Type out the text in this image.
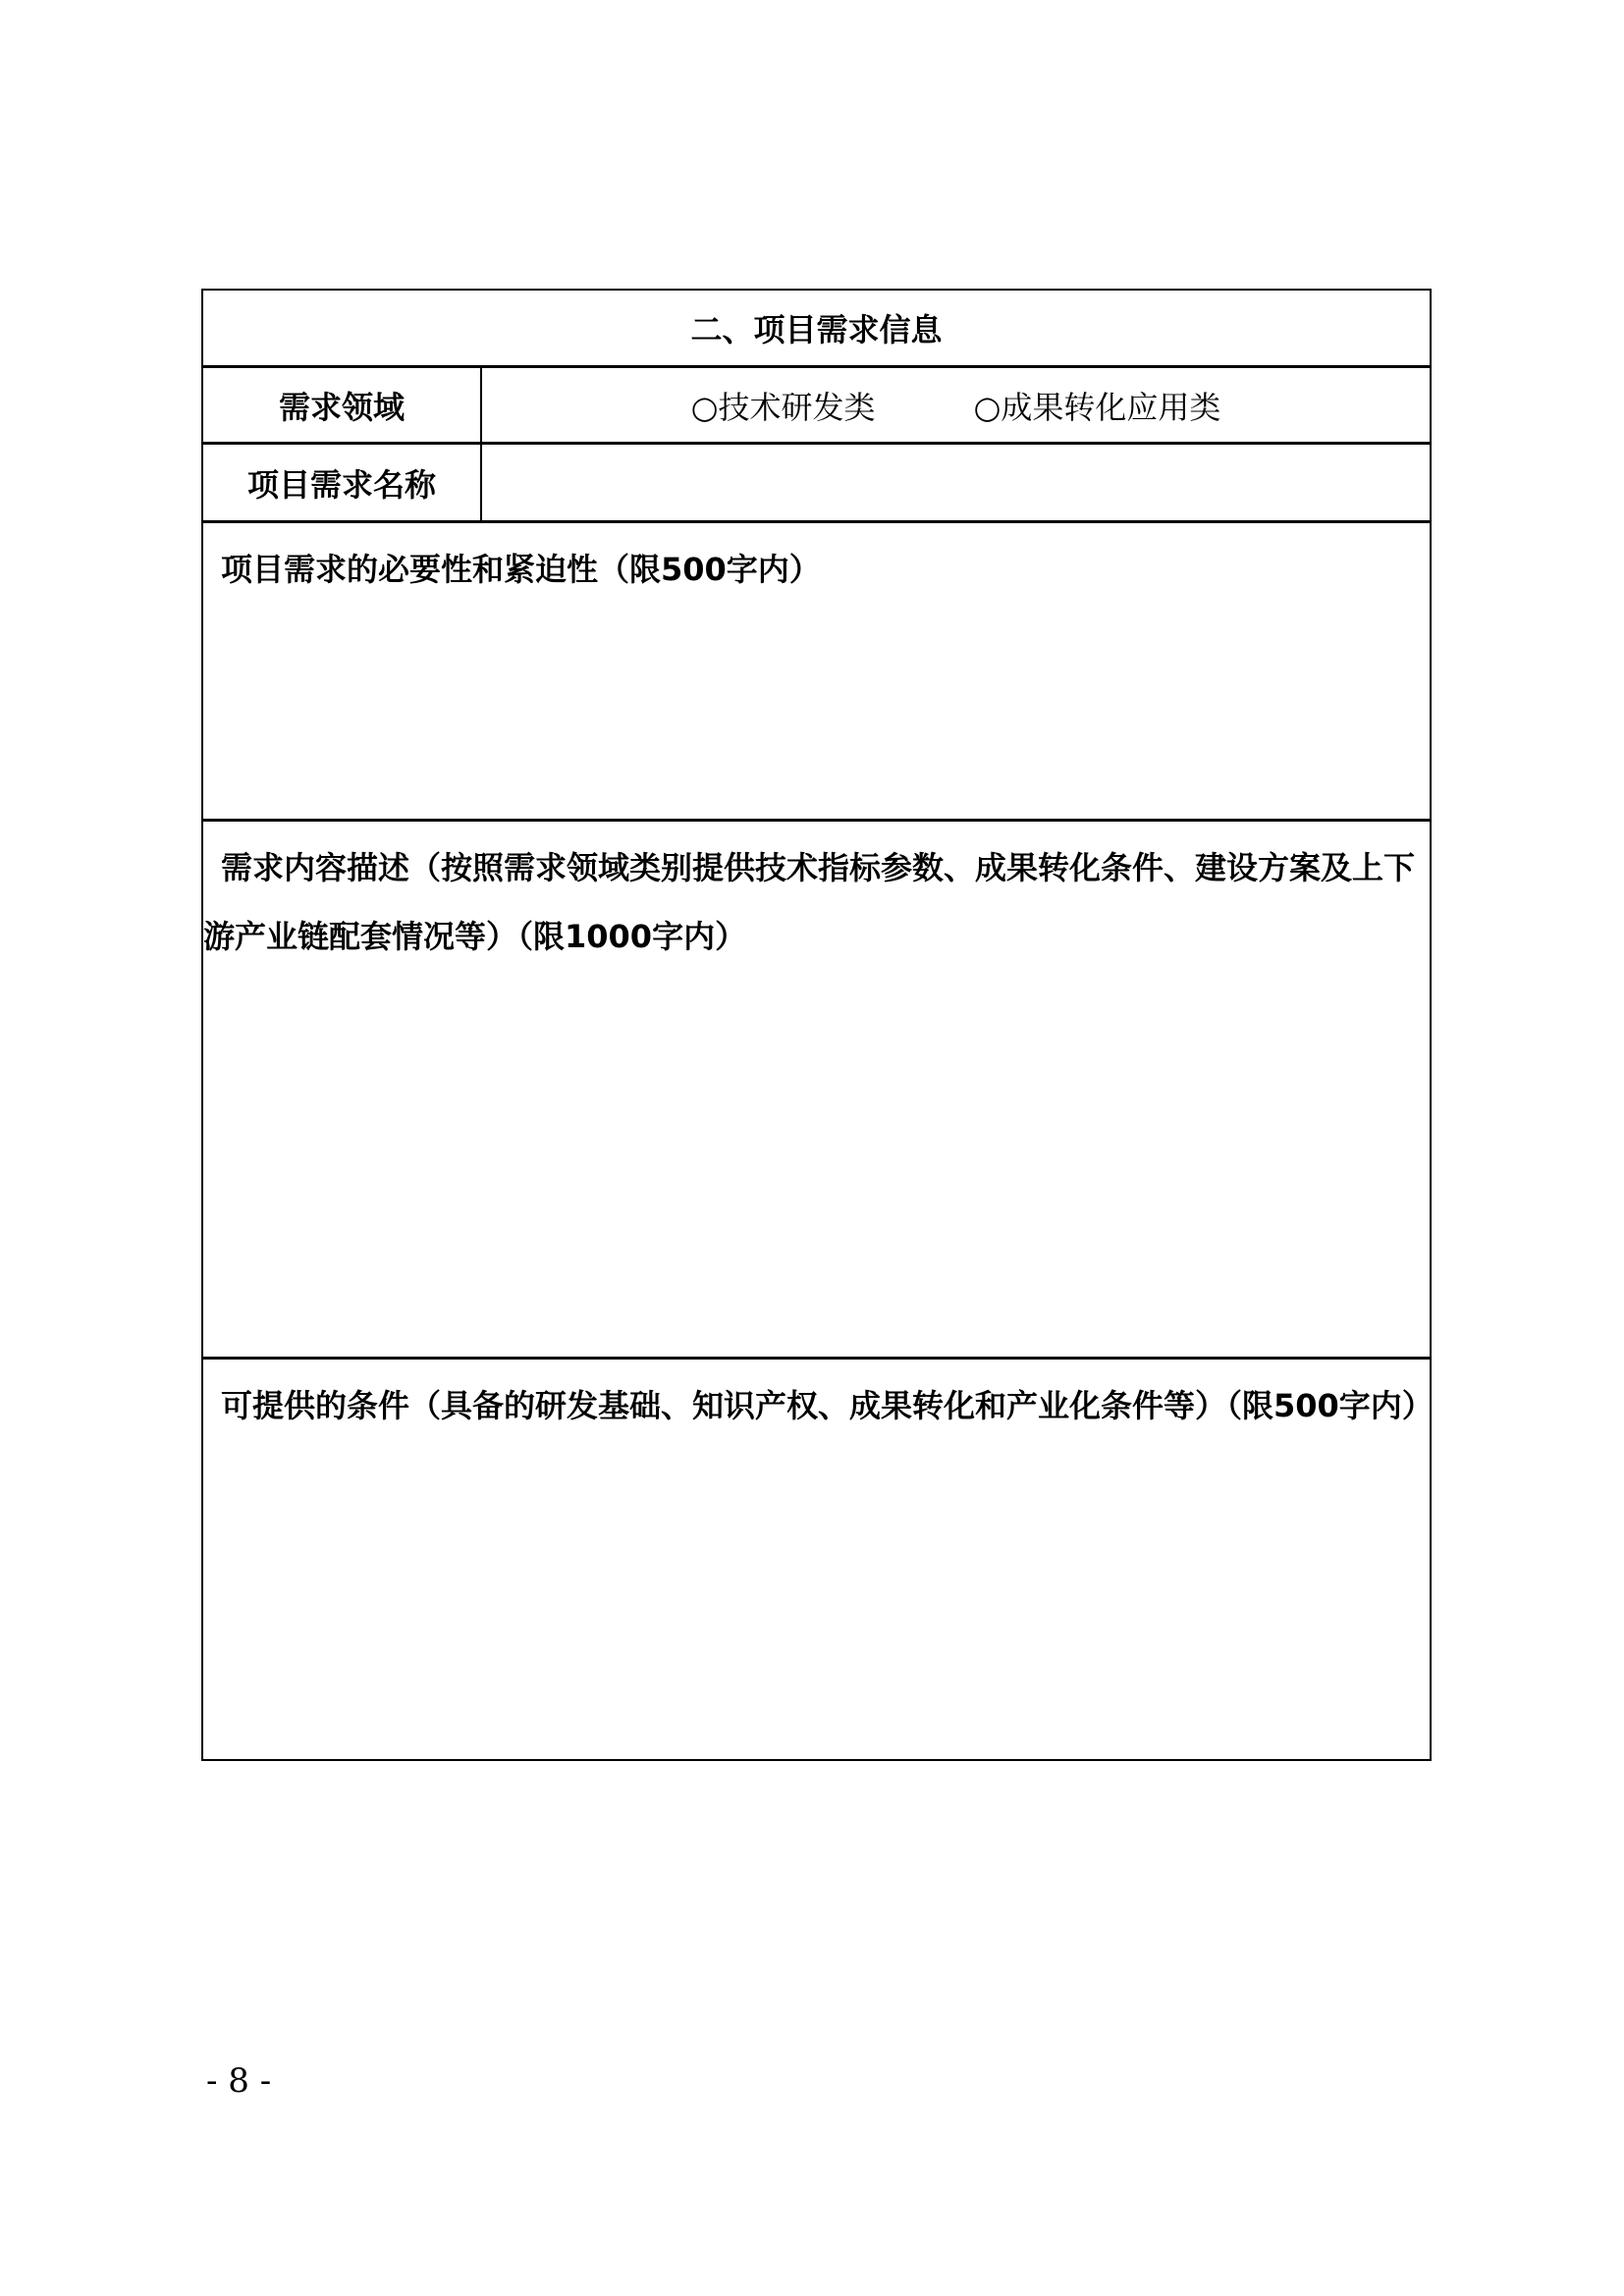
二、项目需求信息
需求领域	○技术研发类	○成果转化应用类
项目需求名称
项目需求的必要性和紧迫性（限500字内）
需求内容描述（按照需求领域类别提供技术指标参数、成果转化条件、建设方案及上下游产业链配套情况等）（限1000字内）
可提供的条件（具备的研发基础、知识产权、成果转化和产业化条件等）（限500字内）
- 8 -
